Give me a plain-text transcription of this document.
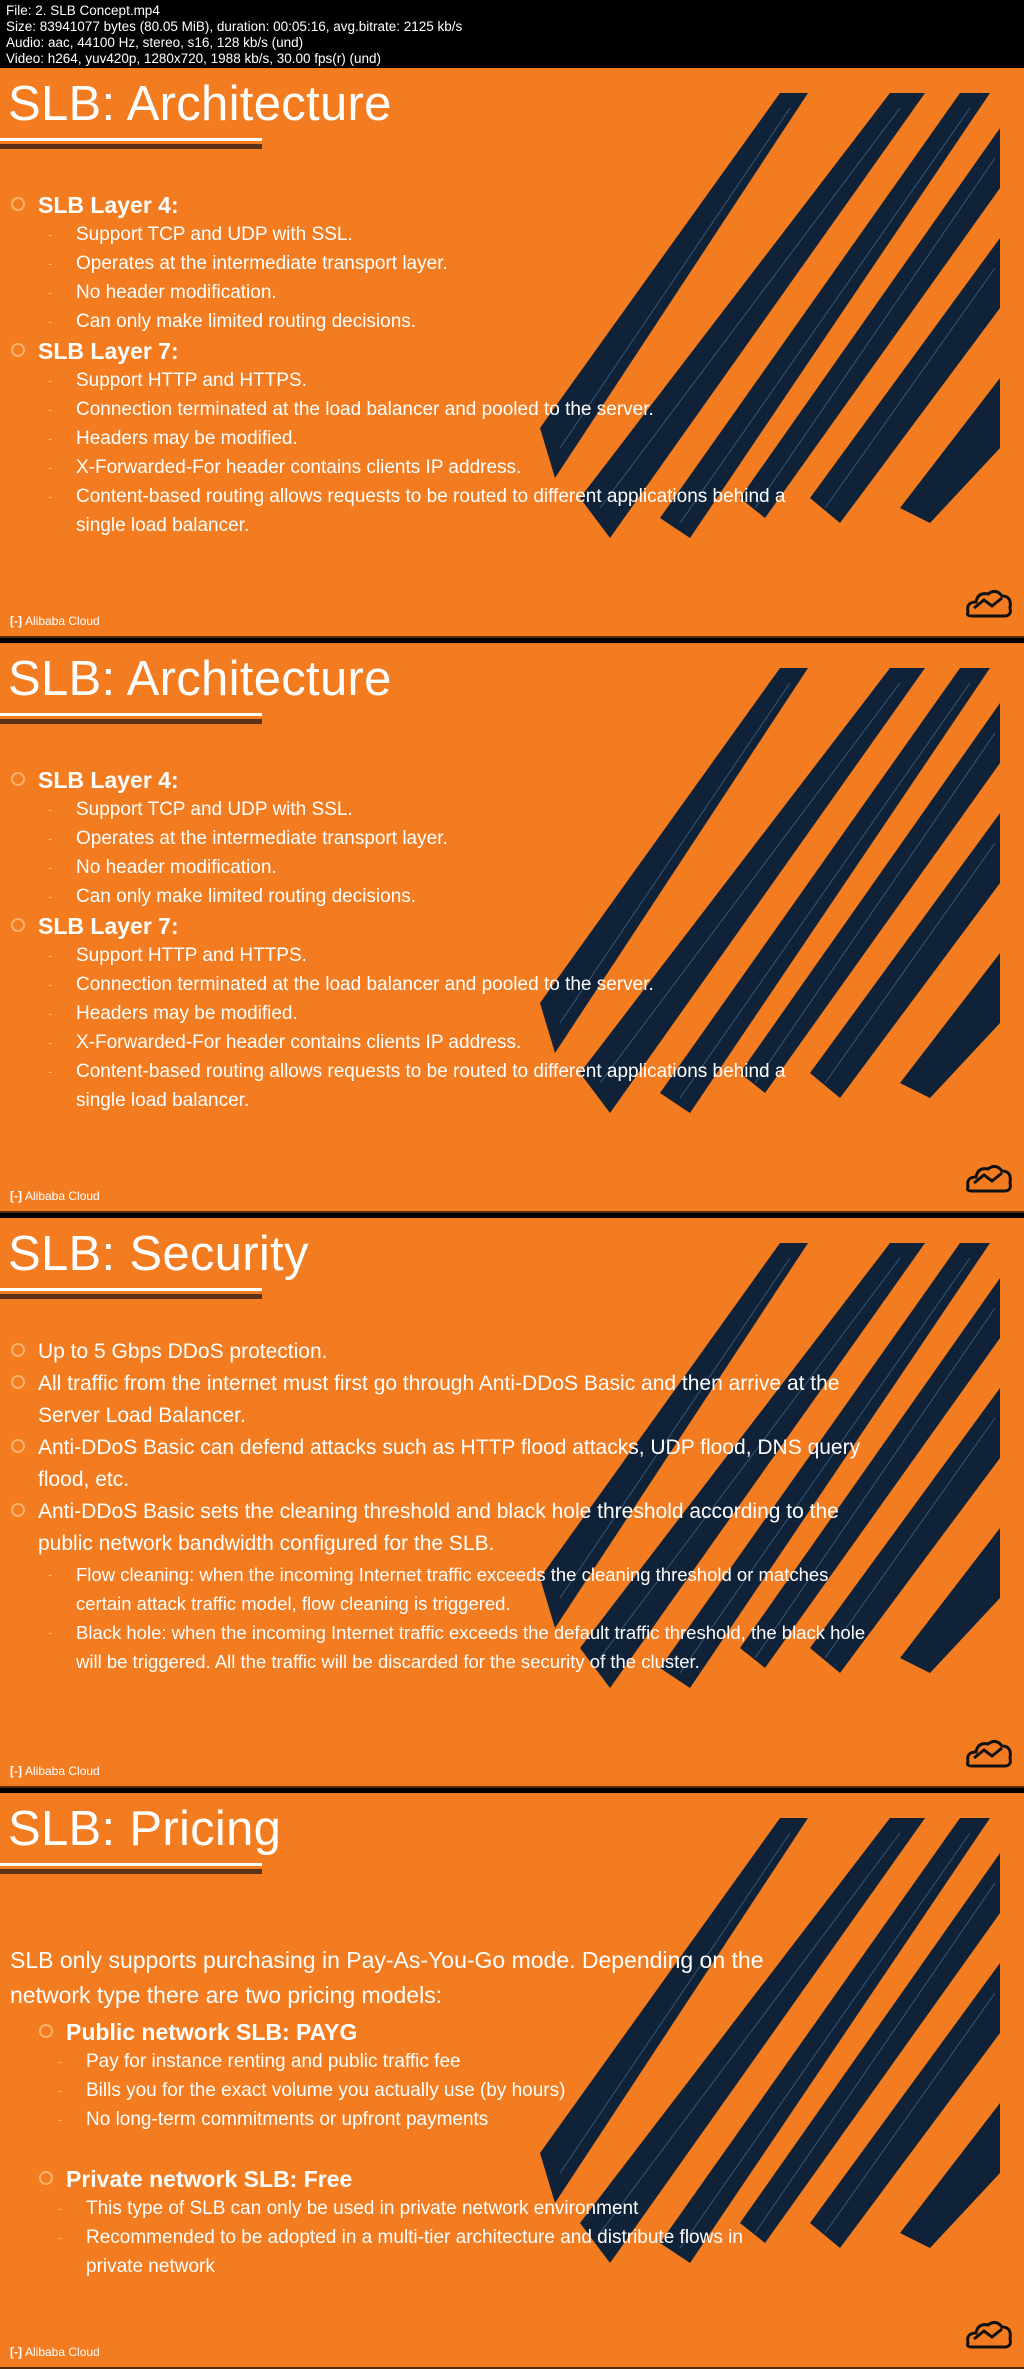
File: 2. SLB Concept.mp4
Size: 83941077 bytes (80.05 MiB), duration: 00:05:16, avg.bitrate: 2125 kb/s
Audio: aac, 44100 Hz, stereo, s16, 128 kb/s (und)
Video: h264, yuv420p, 1280x720, 1988 kb/s, 30.00 fps(r) (und)
SLB: Architecture

SLB Layer 4:

- Support TCP and UDP with SSL.
- Operates at the intermediate transport layer.
- No header modification.
- Can only make limited routing decisions.

SLB Layer 7:

- Support HTTP and HTTPS.
- Connection terminated at the load balancer and pooled to the server.
- Headers may be modified.
- X-Forwarded-For header contains clients IP address.
- Content-based routing allows requests to be routed to different applications behind a
single load balancer.
[-] Alibaba Cloud
SLB: Architecture

SLB Layer 4:

- Support TCP and UDP with SSL.
- Operates at the intermediate transport layer.
- No header modification.
- Can only make limited routing decisions.

SLB Layer 7:

- Support HTTP and HTTPS.
- Connection terminated at the load balancer and pooled to the server.
- Headers may be modified.
- X-Forwarded-For header contains clients IP address.
- Content-based routing allows requests to be routed to different applications behind a
single load balancer.
[-] Alibaba Cloud
SLB: Security
Up to 5 Gbps DDoS protection.
All traffic from the internet must first go through Anti-DDoS Basic and then arrive at the
Server Load Balancer.
Anti-DDoS Basic can defend attacks such as HTTP flood attacks, UDP flood, DNS query
flood, etc.
Anti-DDoS Basic sets the cleaning threshold and black hole threshold according to the
public network bandwidth configured for the SLB.
- Flow cleaning: when the incoming Internet traffic exceeds the cleaning threshold or matches
certain attack traffic model, flow cleaning is triggered.
- Black hole: when the incoming Internet traffic exceeds the default traffic threshold, the black hole
will be triggered. All the traffic will be discarded for the security of the cluster.
[-] Alibaba Cloud
SLB: Pricing
SLB only supports purchasing in Pay-As-You-Go mode. Depending on the
network type there are two pricing models:

Public network SLB: PAYG

- Pay for instance renting and public traffic fee
- Bills you for the exact volume you actually use (by hours)
- No long-term commitments or upfront payments

Private network SLB: Free

- This type of SLB can only be used in private network environment
- Recommended to be adopted in a multi-tier architecture and distribute flows in
private network
[-] Alibaba Cloud
